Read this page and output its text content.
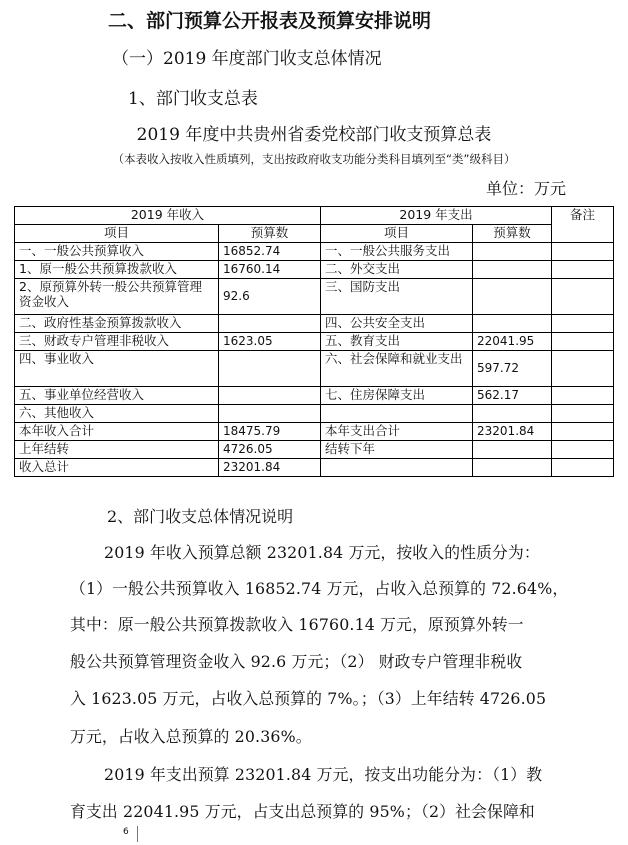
二、部门预算公开报表及预算安排说明
（一）2019 年度部门收支总体情况
1、部门收支总表
2019 年度中共贵州省委党校部门收支预算总表
（本表收入按收入性质填列，支出按政府收支功能分类科目填列至“类”级科目）
单位：万元
2019 年收入		2019 年支出		备注
项目	预算数	项目	预算数	
一、一般公共预算收入	16852.74	一、一般公共服务支出		
1、原一般公共预算拨款收入	16760.14	二、外交支出		
2、原预算外转一般公共预算管理资金收入	92.6	三、国防支出		
二、政府性基金预算拨款收入		四、公共安全支出		
三、财政专户管理非税收入	1623.05	五、教育支出	22041.95	
四、事业收入		六、社会保障和就业支出	597.72	
五、事业单位经营收入		七、住房保障支出	562.17	
六、其他收入				
本年收入合计	18475.79	本年支出合计	23201.84	
上年结转	4726.05	结转下年		
收入总计	23201.84			
2、部门收支总体情况说明
2019 年收入预算总额 23201.84 万元，按收入的性质分为：
（1）一般公共预算收入 16852.74 万元，占收入总预算的 72.64%，
其中：原一般公共预算拨款收入 16760.14 万元，原预算外转一
般公共预算管理资金收入 92.6 万元；（2） 财政专户管理非税收
入 1623.05 万元，占收入总预算的 7%。；（3）上年结转 4726.05
万元，占收入总预算的 20.36%。
2019 年支出预算 23201.84 万元，按支出功能分为：（1）教
育支出 22041.95 万元，占支出总预算的 95%；（2）社会保障和
6
